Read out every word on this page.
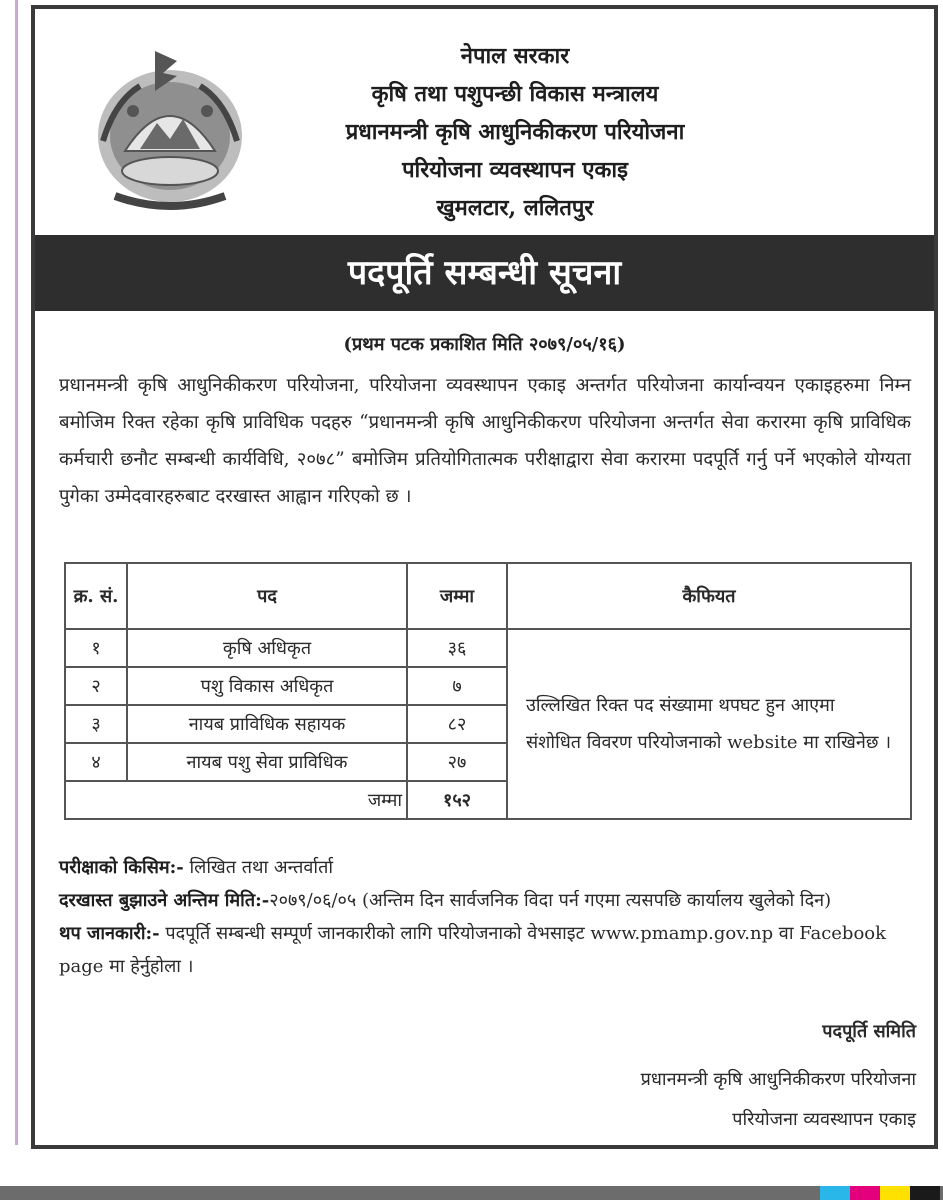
नेपाल सरकार
कृषि तथा पशुपन्छी विकास मन्त्रालय
प्रधानमन्त्री कृषि आधुनिकीकरण परियोजना
परियोजना व्यवस्थापन एकाइ
खुमलटार, ललितपुर
पदपूर्ति सम्बन्धी सूचना
(प्रथम पटक प्रकाशित मिति २०७९/०५/१६)
प्रधानमन्त्री कृषि आधुनिकीकरण परियोजना, परियोजना व्यवस्थापन एकाइ अन्तर्गत परियोजना कार्यान्वयन एकाइहरुमा निम्न बमोजिम रिक्त रहेका कृषि प्राविधिक पदहरु “प्रधानमन्त्री कृषि आधुनिकीकरण परियोजना अन्तर्गत सेवा करारमा कृषि प्राविधिक कर्मचारी छनौट सम्बन्धी कार्यविधि, २०७८” बमोजिम प्रतियोगितात्मक परीक्षाद्वारा सेवा करारमा पदपूर्ति गर्नु पर्ने भएकोले योग्यता पुगेका उम्मेदवारहरुबाट दरखास्त आह्वान गरिएको छ ।
क्र. सं.	पद	जम्मा	कैफियत
१	कृषि अधिकृत	३६	उल्लिखित रिक्त पद संख्यामा थपघट हुन आएमा संशोधित विवरण परियोजनाको website मा राखिनेछ ।
२	पशु विकास अधिकृत	७	
३	नायब प्राविधिक सहायक	८२	
४	नायब पशु सेवा प्राविधिक	२७	
जम्मा		१५२	
परीक्षाको किसिम:- लिखित तथा अन्तर्वार्ता
दरखास्त बुझाउने अन्तिम मिति:-२०७९/०६/०५ (अन्तिम दिन सार्वजनिक विदा पर्न गएमा त्यसपछि कार्यालय खुलेको दिन)
थप जानकारी:- पदपूर्ति सम्बन्धी सम्पूर्ण जानकारीको लागि परियोजनाको वेभसाइट www.pmamp.gov.np वा Facebook page मा हेर्नुहोला ।
पदपूर्ति समिति
प्रधानमन्त्री कृषि आधुनिकीकरण परियोजना
परियोजना व्यवस्थापन एकाइ
